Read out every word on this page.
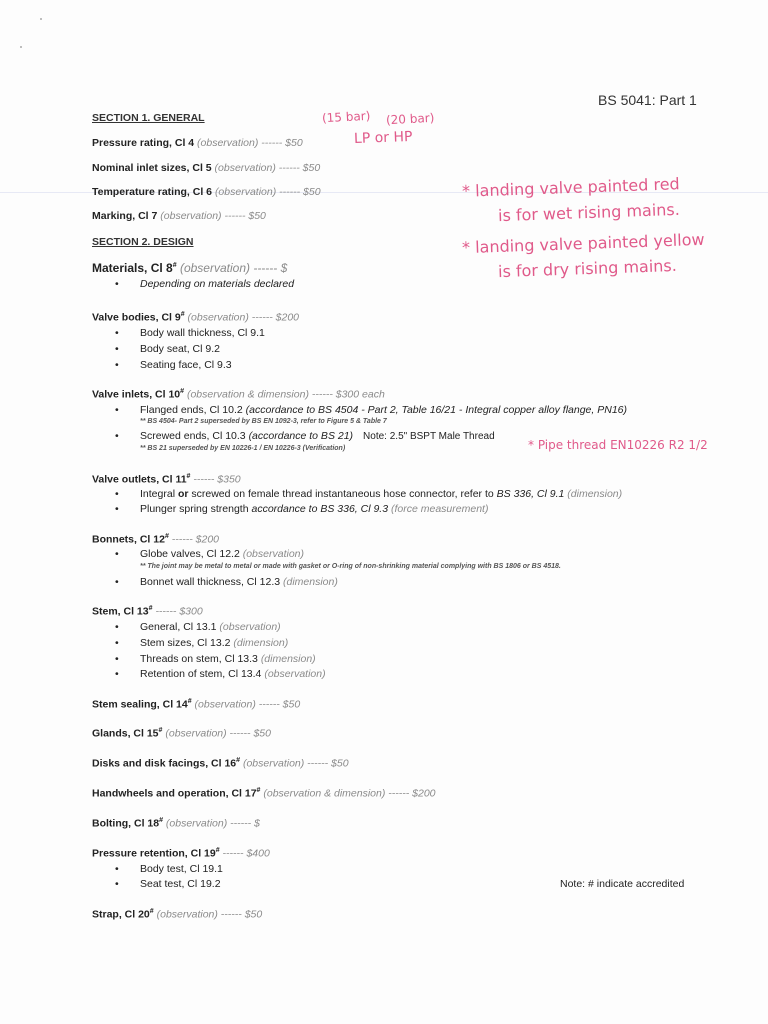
BS 5041: Part 1
SECTION 1. GENERAL
Pressure rating, Cl 4 (observation) ------ $50
Nominal inlet sizes, Cl 5 (observation) ------ $50
Temperature rating, Cl 6 (observation) ------ $50
Marking, Cl 7 (observation) ------ $50
SECTION 2. DESIGN
Materials, Cl 8# (observation) ------ $
Depending on materials declared
Valve bodies, Cl 9# (observation) ------ $200
Body wall thickness, Cl 9.1
Body seat, Cl 9.2
Seating face, Cl 9.3
Valve inlets, Cl 10# (observation & dimension) ------ $300 each
Flanged ends, Cl 10.2 (accordance to BS 4504 - Part 2, Table 16/21 - Integral copper alloy flange, PN16)
** BS 4504- Part 2 superseded by BS EN 1092-3, refer to Figure 5 & Table 7
Screwed ends, Cl 10.3 (accordance to BS 21) Note: 2.5" BSPT Male Thread
** BS 21 superseded by EN 10226-1 / EN 10226-3 (Verification)
Valve outlets, Cl 11# ------ $350
Integral or screwed on female thread instantaneous hose connector, refer to BS 336, Cl 9.1 (dimension)
Plunger spring strength accordance to BS 336, Cl 9.3 (force measurement)
Bonnets, Cl 12# ------ $200
Globe valves, Cl 12.2 (observation)
** The joint may be metal to metal or made with gasket or O-ring of non-shrinking material complying with BS 1806 or BS 4518.
Bonnet wall thickness, Cl 12.3 (dimension)
Stem, Cl 13# ------ $300
General, Cl 13.1 (observation)
Stem sizes, Cl 13.2 (dimension)
Threads on stem, Cl 13.3 (dimension)
Retention of stem, Cl 13.4 (observation)
Stem sealing, Cl 14# (observation) ------ $50
Glands, Cl 15# (observation) ------ $50
Disks and disk facings, Cl 16# (observation) ------ $50
Handwheels and operation, Cl 17# (observation & dimension) ------ $200
Bolting, Cl 18# (observation) ------ $
Pressure retention, Cl 19# ------ $400
Body test, Cl 19.1
Seat test, Cl 19.2	Note: # indicate accredited
Strap, Cl 20# (observation) ------ $50
(15 bar) (20 bar)
LP or HP
* landing valve painted red
is for wet rising mains.
* landing valve painted yellow
is for dry rising mains.
* Pipe thread EN10226 R2 1/2
